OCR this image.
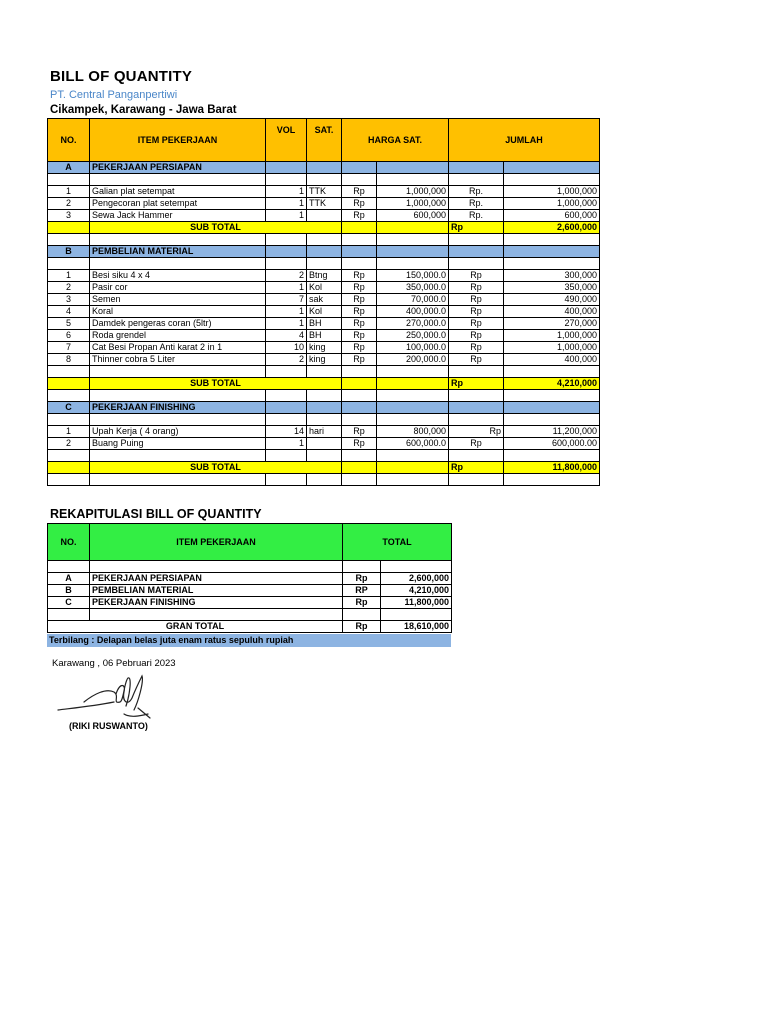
BILL OF QUANTITY
PT. Central Panganpertiwi
Cikampek, Karawang - Jawa Barat
NO.	ITEM PEKERJAAN	VOL	SAT.	HARGA SAT.		JUMLAH	
A	PEKERJAAN PERSIAPAN						

1	Galian plat setempat	1	TTK	Rp	1,000,000	Rp.	1,000,000
2	Pengecoran plat setempat	1	TTK	Rp	1,000,000	Rp.	1,000,000
3	Sewa Jack Hammer	1		Rp	600,000	Rp.	600,000
	SUB TOTAL					Rp	2,600,000

B	PEMBELIAN MATERIAL						

1	Besi siku 4 x 4	2	Btng	Rp	150,000.0	Rp	300,000
2	Pasir cor	1	Kol	Rp	350,000.0	Rp	350,000
3	Semen	7	sak	Rp	70,000.0	Rp	490,000
4	Koral	1	Kol	Rp	400,000.0	Rp	400,000
5	Damdek pengeras coran (5ltr)	1	BH	Rp	270,000.0	Rp	270,000
6	Roda grendel	4	BH	Rp	250,000.0	Rp	1,000,000
7	Cat Besi Propan Anti karat 2 in 1	10	king	Rp	100,000.0	Rp	1,000,000
8	Thinner cobra 5 Liter	2	king	Rp	200,000.0	Rp	400,000

	SUB TOTAL					Rp	4,210,000

C	PEKERJAAN FINISHING						

1	Upah Kerja ( 4 orang)	14	hari	Rp	800,000	Rp	11,200,000
2	Buang Puing	1		Rp	600,000.0	Rp	600,000.00

	SUB TOTAL					Rp	11,800,000

REKAPITULASI BILL OF QUANTITY
NO.	ITEM PEKERJAAN	TOTAL	

A	PEKERJAAN PERSIAPAN	Rp	2,600,000
B	PEMBELIAN MATERIAL	RP	4,210,000
C	PEKERJAAN FINISHING	Rp	11,800,000

GRAN TOTAL		Rp	18,610,000
Terbilang : Delapan belas juta enam ratus sepuluh rupiah
Karawang , 06 Pebruari 2023
(RIKI RUSWANTO)
